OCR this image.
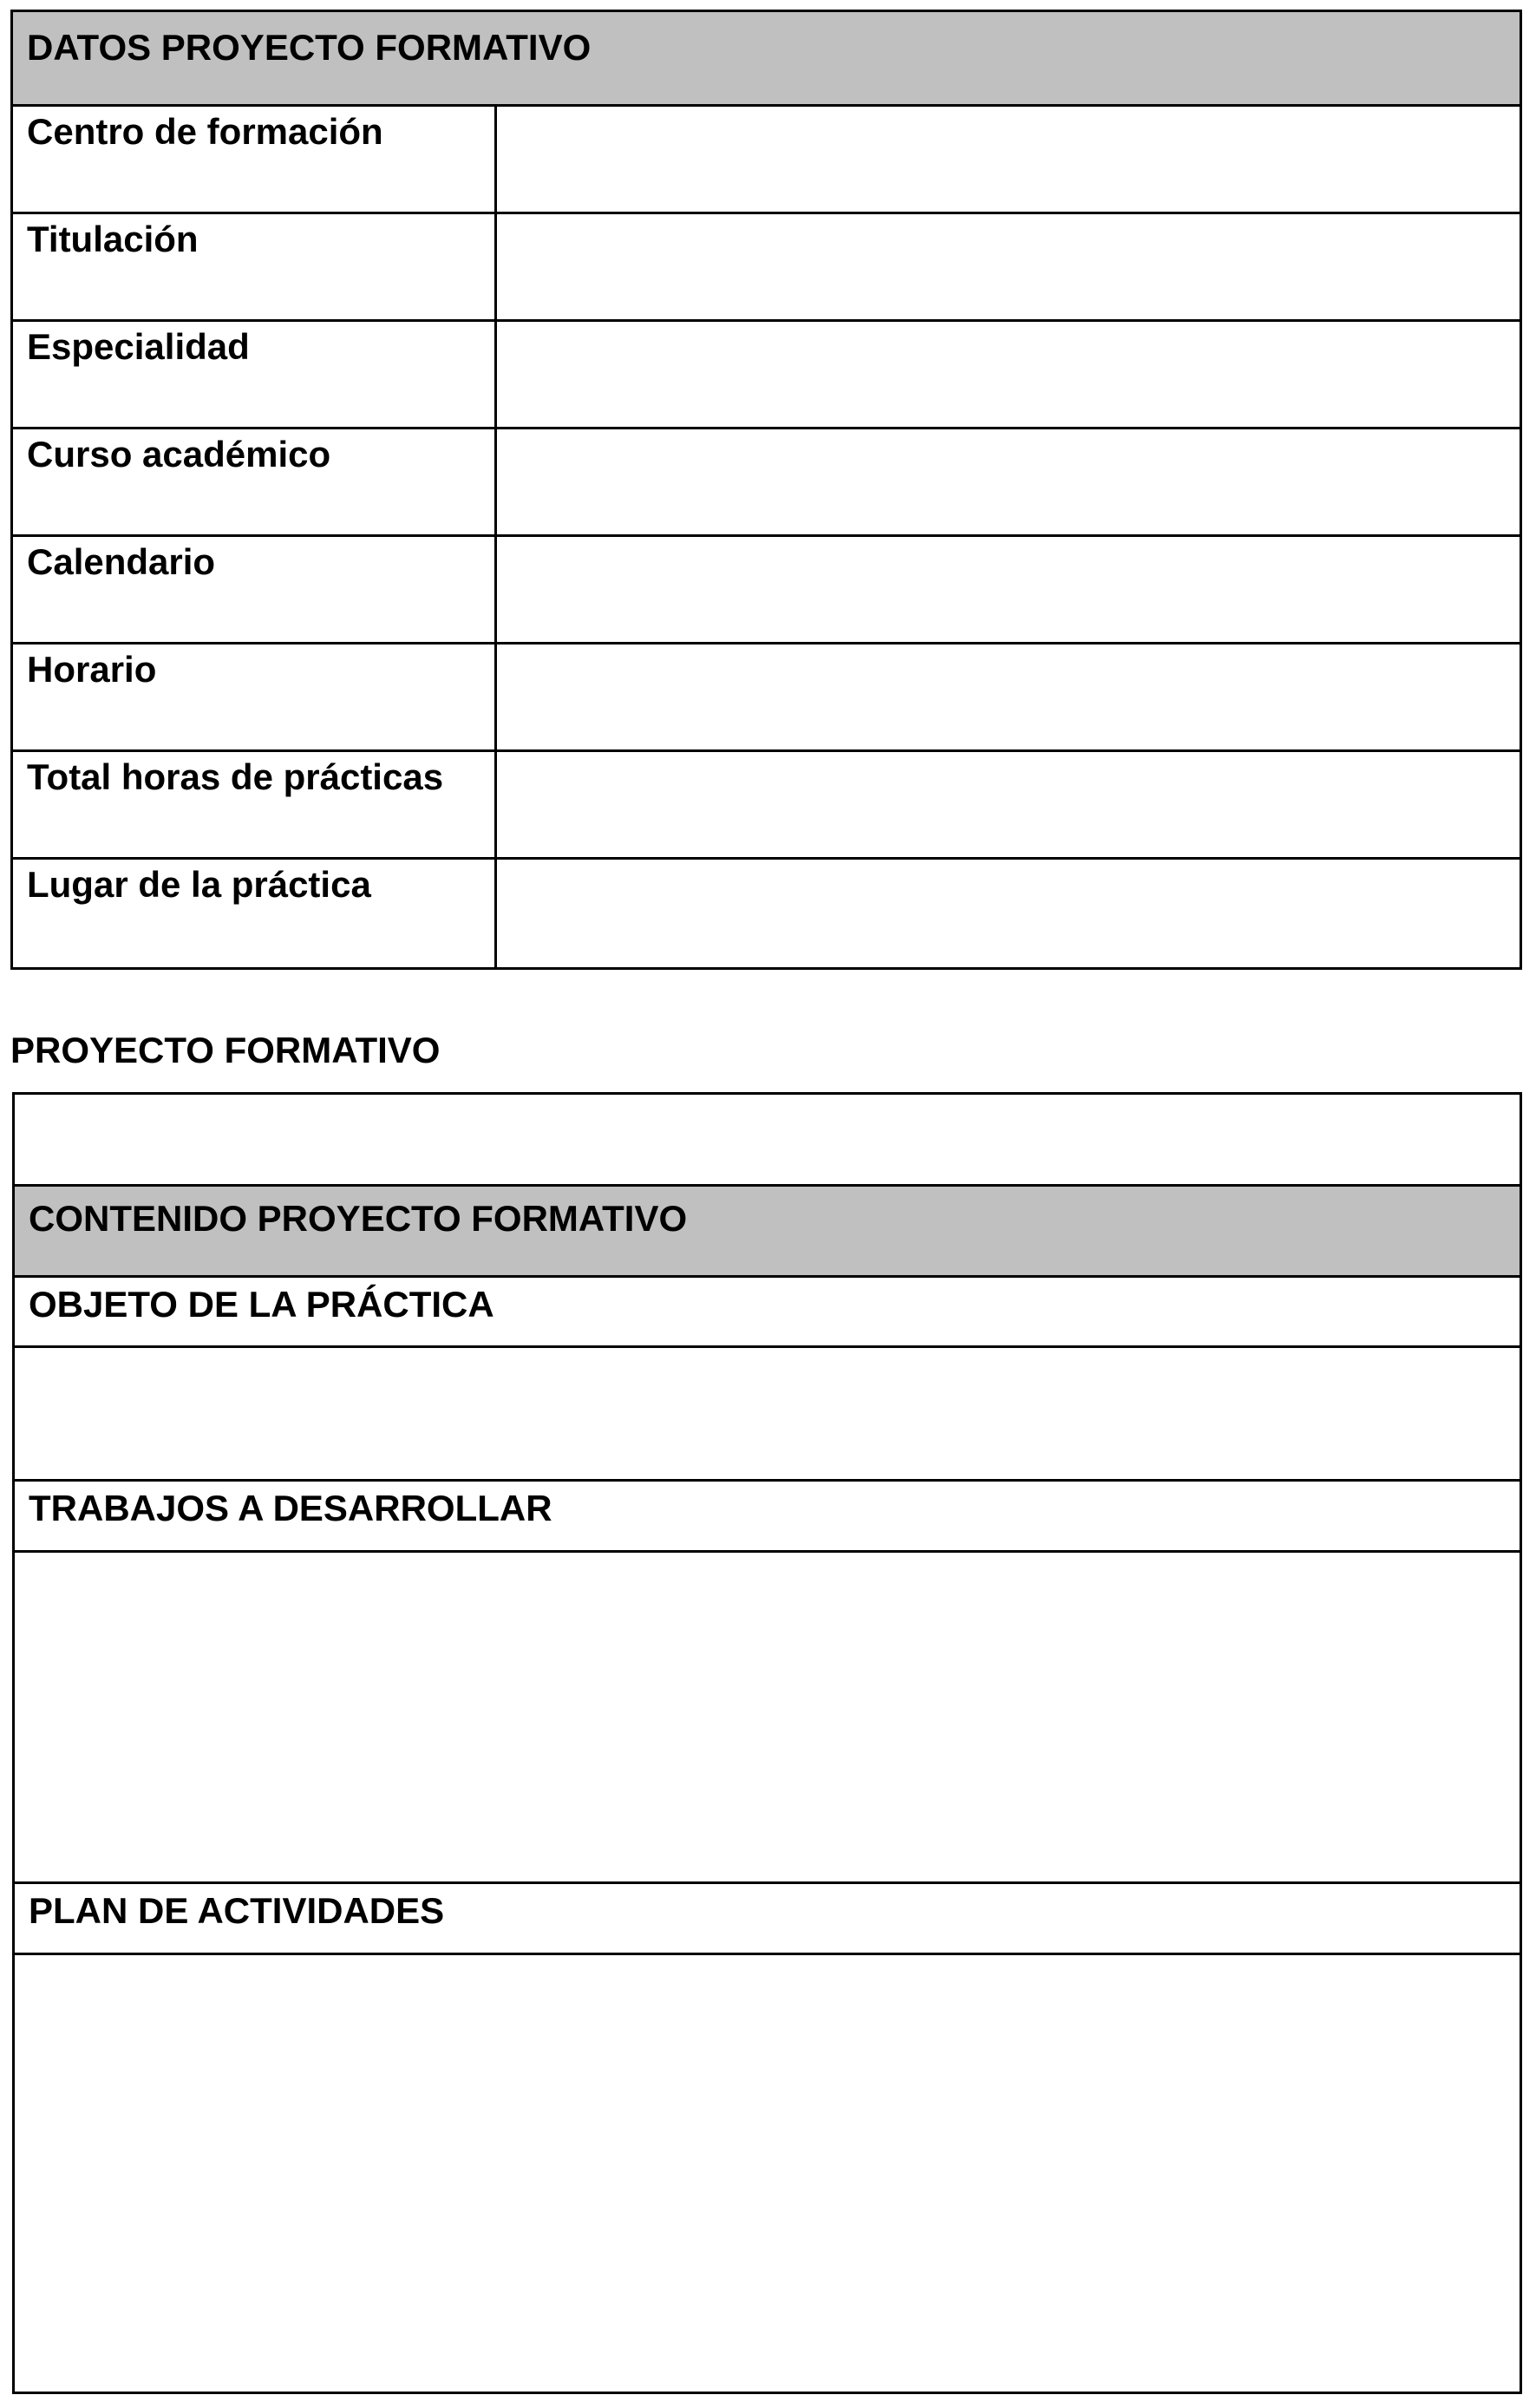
DATOS PROYECTO FORMATIVO
Centro de formación
Titulación
Especialidad
Curso académico
Calendario
Horario
Total horas de prácticas
Lugar de la práctica
PROYECTO FORMATIVO
CONTENIDO PROYECTO FORMATIVO
OBJETO DE LA PRÁCTICA
TRABAJOS A DESARROLLAR
PLAN DE ACTIVIDADES
